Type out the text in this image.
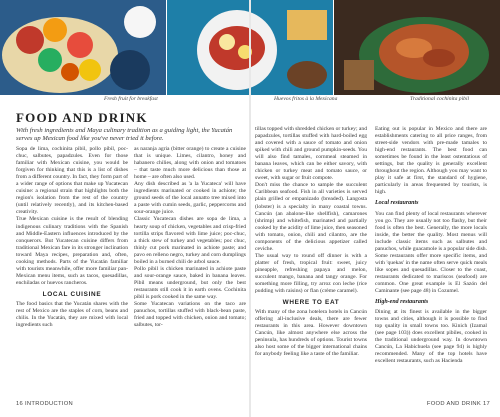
Fresh fruit for breakfast	Huevos fritos à la Mexicana	Traditional cochinita pibil
FOOD AND DRINK
With fresh ingredients and Maya culinary tradition as a guiding light, the Yucatán serves up Mexican food like you've never tried it before.

Sopa de lima, cochinita pibil, pollo pibil, poc-chuc, salbutes, papadzules. Even for those familiar with Mexican cuisine, you would be forgiven for thinking that this is a list of dishes from a different country. In fact, they form part of a wider range of options that make up Yucatecan cuisine: a regional strain that highlights both the region's isolation from the rest of the country (until relatively recently), and its kitchen-based creativity.

True Mexican cuisine is the result of blending indigenous culinary traditions with the Spanish and Middle-Eastern influences introduced by the conquerors. But Yucatecan cuisine differs from traditional Mexican fare in its stronger inclination toward Maya recipes, preparation and, often, cooking methods. Parts of the Yucatán familiar with tourists meanwhile, offer more familiar pan-Mexican menu items, such as tacos, quesadillas, enchiladas or huevos rancheros.

LOCAL CUISINE

The food basics that the Yucatán shares with the rest of Mexico are the staples of corn, beans and chilis. In the Yucatán, they are mixed with local ingredients such

as naranja agria (bitter orange) to create a cuisine that is unique. Limes, cilantro, honey and habanero chilies, along with onion and tomatoes – that taste much more delicious than those at home – are often also used.

Any dish described as 'a la Yucateca' will have ingredients marinated or cooked in achiote; the ground seeds of the local annatto tree mixed into a paste with cumin seeds, garlic, peppercorns and sour-orange juice.

Classic Yucatecan dishes are sopa de lima, a hearty soup of chicken, vegetables and crisp-fried tortilla strips flavored with lime juice; poc-chuc, a thick stew of turkey and vegetables; poc chuc, thinly cut pork marinated in achiote paste; and pavo en relleno negro, turkey and corn dumplings boiled in a burned chili de arbol sauce.

Pollo pibil is chicken marinated in achiote paste and sour-orange sauce, baked in banana leaves. Pibil means underground, but only the best restaurants still cook it in earth ovens. Cochinita pibil is pork cooked in the same way.

Some Yucatecan variations on the taco are panuchos, tortillas stuffed with black-bean paste, fried and topped with chicken, onion and tomato; salbutes, tor-

tillas topped with shredded chicken or turkey; and papadzules, tortillas stuffed with hard-boiled egg and covered with a sauce of tomato and onion spiked with chili and ground pumpkin-seeds. You will also find tamales, cornmeal steamed in banana leaves, which can be either savory, with chicken or turkey meat and tomato sauce, or sweet, with sugar or fruit compote.

Don't miss the chance to sample the succulent Caribbean seafood. Fish in all varieties is served plain grilled or empanizado (breaded). Langosta (lobster) is a specialty in many coastal towns. Cancún (an abalone-like shellfish), camarones (shrimp) and whitefish, marinated and partially cooked by the acidity of lime juice, then seasoned with tomato, onion, chili and cilantro, are the components of the delicious appetizer called ceviche.

The usual way to round off dinner is with a platter of fresh, tropical fruit: sweet, juicy pineapple, refreshing papaya and melon, succulent mango, banana and tangy orange. For something more filling, try arroz con leche (rice pudding with raisins) or flan (crème caramel).

WHERE TO EAT

With many of the zona hotelera hotels in Cancún offering all-inclusive deals, there are fewer restaurants in this area. However downtown Cancún, like almost anywhere else across the peninsula, has hundreds of options. Tourist towns also host some of the bigger international chains for anybody feeling like a taste of the familiar.

Eating out is popular in Mexico and there are establishments catering to all price ranges, from street-side vendors with pre-made tamales to high-end restaurants. The best food can sometimes be found in the least ostentatious of settings, but the quality is generally excellent throughout the region. Although you may want to play it safe at first, the standard of hygiene, particularly in areas frequented by tourists, is high.

Local restaurants

You can find plenty of local restaurants wherever you go. They are usually not too flashy, but their food is often the best. Generally, the more locals inside, the better the quality. Most menus will include classic items such as salbutes and panuchos, while guacamole is a popular side dish. Some restaurants offer more specific items, and with 'quekas' in the name often serve quick meals like sopes and quesadillas. Closer to the coast, restaurants dedicated to mariscos (seafood) are common. One great example is El Sazón del Caminante (see page 48) in Cozumel.

High-end restaurants

Dining at its finest is available in the bigger towns and cities, although it is possible to find top quality in small towns too. Kinich (Izamal (see page 103)) does excellent pibiles, cooked in the traditional underground way. In downtown Cancún, La Habichuela (see page 94) is highly recommended. Many of the top hotels have excellent restaurants, such as Hacienda

16 INTRODUCTION	FOOD AND DRINK 17
